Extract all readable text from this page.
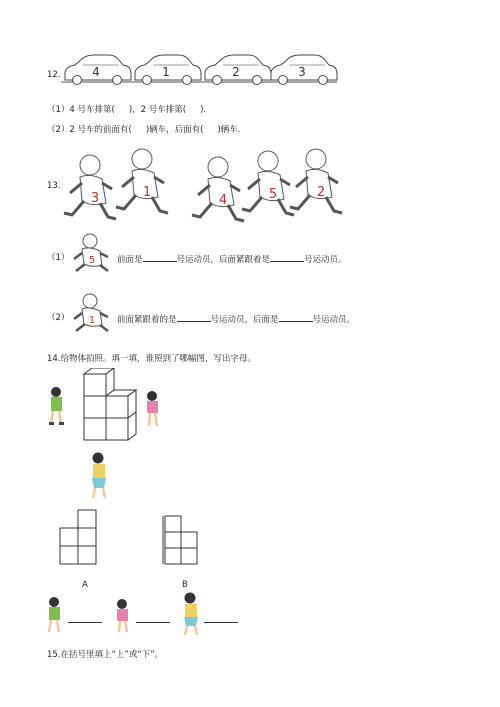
12.	4	1	2	3
（1）4 号车排第( )，2 号车排第( ).
（2）2 号车的前面有( )辆车，后面有( )辆车.
13.
3	1
4	5	2
（1） 5	前面是	号运动员，后面紧跟着是	号运动员。
（2） 1	前面紧跟着的是	号运动员，后面是	号运动员。
14.给物体拍照。填一填，谁照到了哪幅图，写出字母。
A	B
15.在括号里填上“上”或“下”。
